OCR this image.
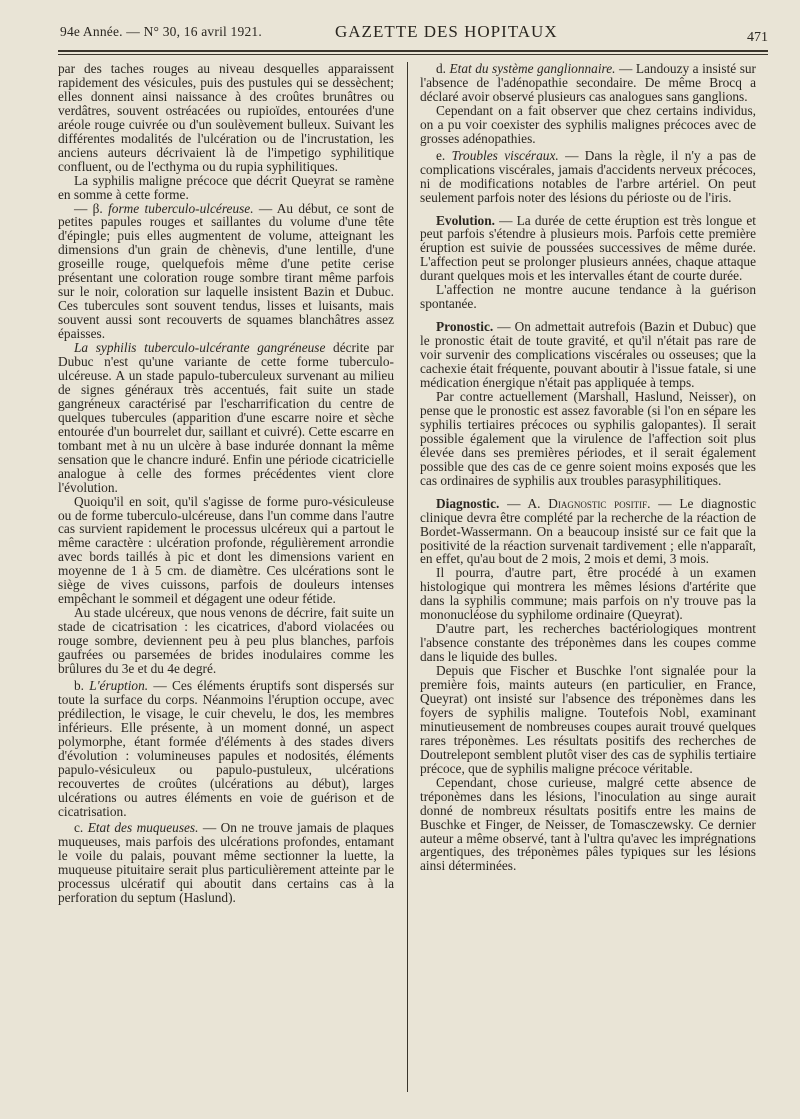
94e Année. — N° 30, 16 avril 1921.	GAZETTE DES HOPITAUX	471

par des taches rouges au niveau desquelles apparaissent rapidement des vésicules, puis des pustules qui se dessèchent; elles donnent ainsi naissance à des croûtes brunâtres ou verdâtres, souvent ostréacées ou rupioïdes, entourées d'une aréole rouge cuivrée ou d'un soulèvement bulleux. Suivant les différentes modalités de l'ulcération ou de l'incrustation, les anciens auteurs décrivaient là de l'impetigo syphilitique confluent, ou de l'ecthyma ou du rupia syphilitiques.

La syphilis maligne précoce que décrit Queyrat se ramène en somme à cette forme.

— β. forme tuberculo-ulcéreuse. — Au début, ce sont de petites papules rouges et saillantes du volume d'une tête d'épingle; puis elles augmentent de volume, atteignant les dimensions d'un grain de chènevis, d'une lentille, d'une groseille rouge, quelquefois même d'une petite cerise présentant une coloration rouge sombre tirant même parfois sur le noir, coloration sur laquelle insistent Bazin et Dubuc. Ces tubercules sont souvent tendus, lisses et luisants, mais souvent aussi sont recouverts de squames blanchâtres assez épaisses.

La syphilis tuberculo-ulcérante gangréneuse décrite par Dubuc n'est qu'une variante de cette forme tuberculo-ulcéreuse. A un stade papulo-tuberculeux survenant au milieu de signes généraux très accentués, fait suite un stade gangréneux caractérisé par l'escharrification du centre de quelques tubercules (apparition d'une escarre noire et sèche entourée d'un bourrelet dur, saillant et cuivré). Cette escarre en tombant met à nu un ulcère à base indurée donnant la même sensation que le chancre induré. Enfin une période cicatricielle analogue à celle des formes précédentes vient clore l'évolution.

Quoiqu'il en soit, qu'il s'agisse de forme puro-vésiculeuse ou de forme tuberculo-ulcéreuse, dans l'un comme dans l'autre cas survient rapidement le processus ulcéreux qui a partout le même caractère : ulcération profonde, régulièrement arrondie avec bords taillés à pic et dont les dimensions varient en moyenne de 1 à 5 cm. de diamètre. Ces ulcérations sont le siège de vives cuissons, parfois de douleurs intenses empêchant le sommeil et dégagent une odeur fétide.

Au stade ulcéreux, que nous venons de décrire, fait suite un stade de cicatrisation : les cicatrices, d'abord violacées ou rouge sombre, deviennent peu à peu plus blanches, parfois gaufrées ou parsemées de brides inodulaires comme les brûlures du 3e et du 4e degré.

b. L'éruption. — Ces éléments éruptifs sont dispersés sur toute la surface du corps. Néanmoins l'éruption occupe, avec prédilection, le visage, le cuir chevelu, le dos, les membres inférieurs. Elle présente, à un moment donné, un aspect polymorphe, étant formée d'éléments à des stades divers d'évolution : volumineuses papules et nodosités, éléments papulo-vésiculeux ou papulo-pustuleux, ulcérations recouvertes de croûtes (ulcérations au début), larges ulcérations ou autres éléments en voie de guérison et de cicatrisation.

c. Etat des muqueuses. — On ne trouve jamais de plaques muqueuses, mais parfois des ulcérations profondes, entamant le voile du palais, pouvant même sectionner la luette, la muqueuse pituitaire serait plus particulièrement atteinte par le processus ulcératif qui aboutit dans certains cas à la perforation du septum (Haslund).

d. Etat du système ganglionnaire. — Landouzy a insisté sur l'absence de l'adénopathie secondaire. De même Brocq a déclaré avoir observé plusieurs cas analogues sans ganglions.

Cependant on a fait observer que chez certains individus, on a pu voir coexister des syphilis malignes précoces avec de grosses adénopathies.

e. Troubles viscéraux. — Dans la règle, il n'y a pas de complications viscérales, jamais d'accidents nerveux précoces, ni de modifications notables de l'arbre artériel. On peut seulement parfois noter des lésions du périoste ou de l'iris.

Evolution. — La durée de cette éruption est très longue et peut parfois s'étendre à plusieurs mois. Parfois cette première éruption est suivie de poussées successives de même durée. L'affection peut se prolonger plusieurs années, chaque attaque durant quelques mois et les intervalles étant de courte durée.

L'affection ne montre aucune tendance à la guérison spontanée.

Pronostic. — On admettait autrefois (Bazin et Dubuc) que le pronostic était de toute gravité, et qu'il n'était pas rare de voir survenir des complications viscérales ou osseuses; que la cachexie était fréquente, pouvant aboutir à l'issue fatale, si une médication énergique n'était pas appliquée à temps.

Par contre actuellement (Marshall, Haslund, Neisser), on pense que le pronostic est assez favorable (si l'on en sépare les syphilis tertiaires précoces ou syphilis galopantes). Il serait possible également que la virulence de l'affection soit plus élevée dans ses premières périodes, et il serait également possible que des cas de ce genre soient moins exposés que les cas ordinaires de syphilis aux troubles parasyphilitiques.

Diagnostic. — A. Diagnostic positif. — Le diagnostic clinique devra être complété par la recherche de la réaction de Bordet-Wassermann. On a beaucoup insisté sur ce fait que la positivité de la réaction survenait tardivement ; elle n'apparaît, en effet, qu'au bout de 2 mois, 2 mois et demi, 3 mois.

Il pourra, d'autre part, être procédé à un examen histologique qui montrera les mêmes lésions d'artérite que dans la syphilis commune; mais parfois on n'y trouve pas la mononucléose du syphilome ordinaire (Queyrat).

D'autre part, les recherches bactériologiques montrent l'absence constante des tréponèmes dans les coupes comme dans le liquide des bulles.

Depuis que Fischer et Buschke l'ont signalée pour la première fois, maints auteurs (en particulier, en France, Queyrat) ont insisté sur l'absence des tréponèmes dans les foyers de syphilis maligne. Toutefois Nobl, examinant minutieusement de nombreuses coupes aurait trouvé quelques rares tréponèmes. Les résultats positifs des recherches de Doutrelepont semblent plutôt viser des cas de syphilis tertiaire précoce, que de syphilis maligne précoce véritable.

Cependant, chose curieuse, malgré cette absence de tréponèmes dans les lésions, l'inoculation au singe aurait donné de nombreux résultats positifs entre les mains de Buschke et Finger, de Neisser, de Tomasczewsky. Ce dernier auteur a même observé, tant à l'ultra qu'avec les imprégnations argentiques, des tréponèmes pâles typiques sur les lésions ainsi déterminées.
